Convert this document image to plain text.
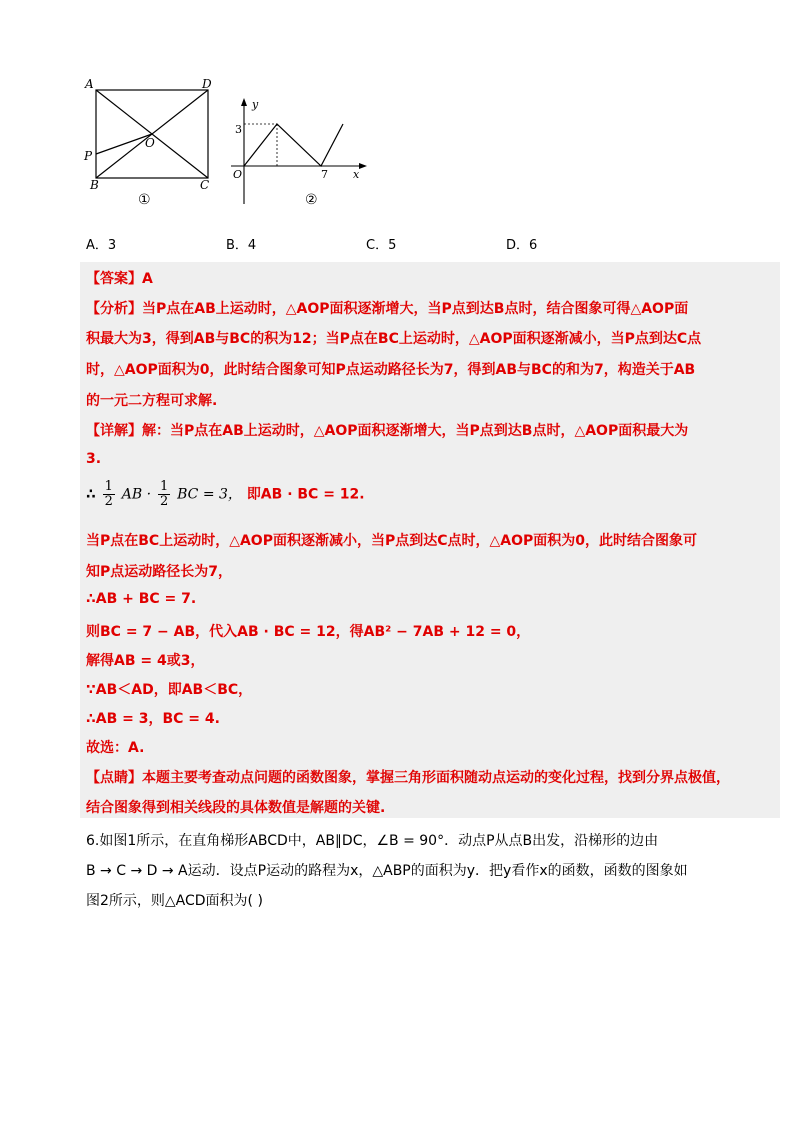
A	D
B	C
O
P
①
y
x
O
3
7
②
A．3	B．4	C．5	D．6
【答案】A
【分析】当P点在AB上运动时，△AOP面积逐渐增大，当P点到达B点时，结合图象可得△AOP面
积最大为3，得到AB与BC的积为12；当P点在BC上运动时，△AOP面积逐渐减小，当P点到达C点
时，△AOP面积为0，此时结合图象可知P点运动路径长为7，得到AB与BC的和为7，构造关于AB
的一元二方程可求解.
【详解】解：当P点在AB上运动时，△AOP面积逐渐增大，当P点到达B点时，△AOP面积最大为
3.
∴ $\frac{1}{2}$ AB · $\frac{1}{2}$ BC = 3， 即AB · BC = 12.
当P点在BC上运动时，△AOP面积逐渐减小，当P点到达C点时，△AOP面积为0，此时结合图象可
知P点运动路径长为7，
∴AB + BC = 7.
则BC = 7 − AB，代入AB · BC = 12，得AB² − 7AB + 12 = 0，
解得AB = 4或3，
∵AB＜AD，即AB＜BC，
∴AB = 3，BC = 4.
故选：A.
【点睛】本题主要考查动点问题的函数图象，掌握三角形面积随动点运动的变化过程，找到分界点极值，
结合图象得到相关线段的具体数值是解题的关键.
6.如图1所示，在直角梯形ABCD中，AB∥DC，∠B = 90°．动点P从点B出发，沿梯形的边由
B → C → D → A运动．设点P运动的路程为x，△ABP的面积为y．把y看作x的函数，函数的图象如
图2所示，则△ACD面积为( )
